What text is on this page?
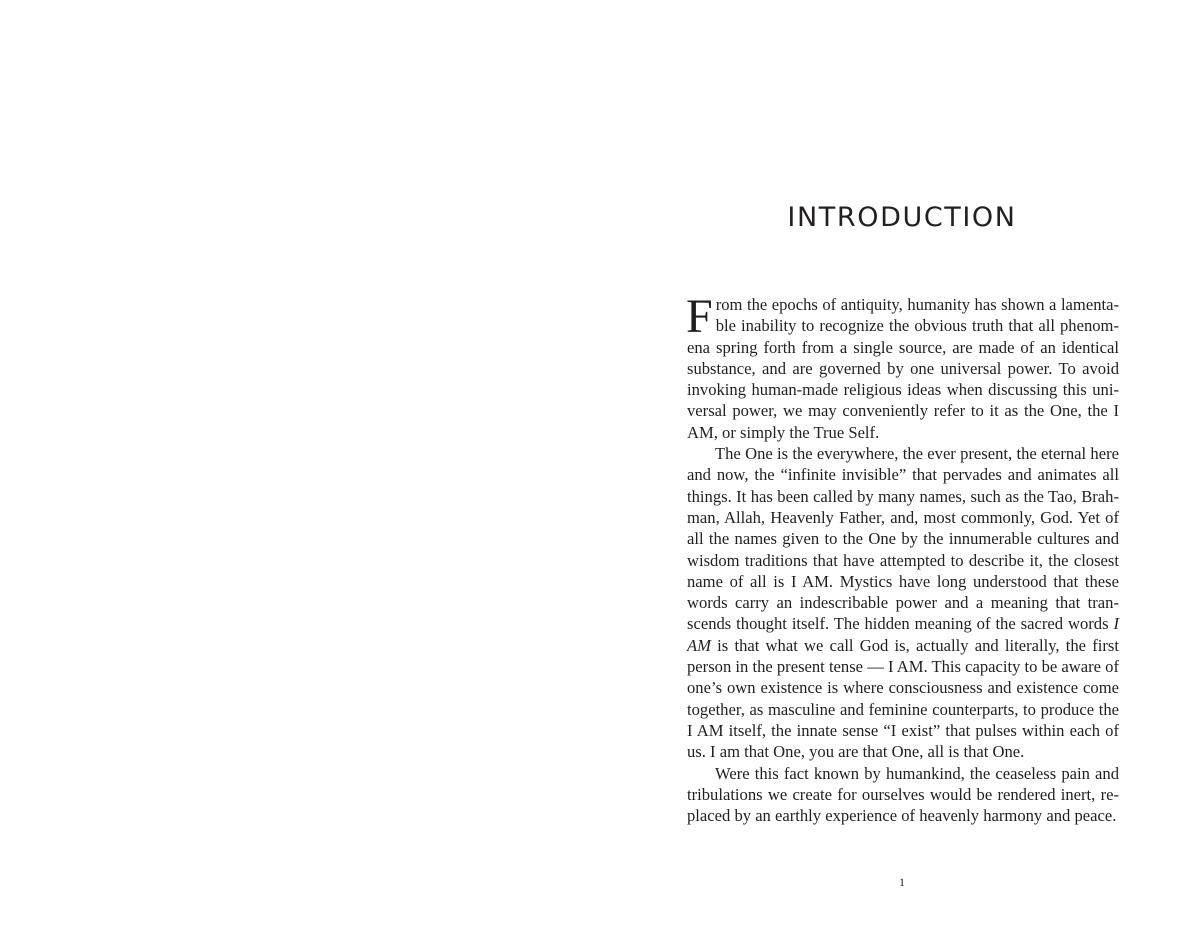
INTRODUCTION

From the epochs of antiquity, humanity has shown a lamentable inability to recognize the obvious truth that all phenomena spring forth from a single source, are made of an identical substance, and are governed by one universal power. To avoid invoking human-made religious ideas when discussing this universal power, we may conveniently refer to it as the One, the I AM, or simply the True Self.

The One is the everywhere, the ever present, the eternal here and now, the “infinite invisible” that pervades and animates all things. It has been called by many names, such as the Tao, Brahman, Allah, Heavenly Father, and, most commonly, God. Yet of all the names given to the One by the innumerable cultures and wisdom traditions that have attempted to describe it, the closest name of all is I AM. Mystics have long understood that these words carry an indescribable power and a meaning that transcends thought itself. The hidden meaning of the sacred words I AM is that what we call God is, actually and literally, the first person in the present tense — I AM. This capacity to be aware of one’s own existence is where consciousness and existence come together, as masculine and feminine counterparts, to produce the I AM itself, the innate sense “I exist” that pulses within each of us. I am that One, you are that One, all is that One.

Were this fact known by humankind, the ceaseless pain and tribulations we create for ourselves would be rendered inert, replaced by an earthly experience of heavenly harmony and peace.

1
